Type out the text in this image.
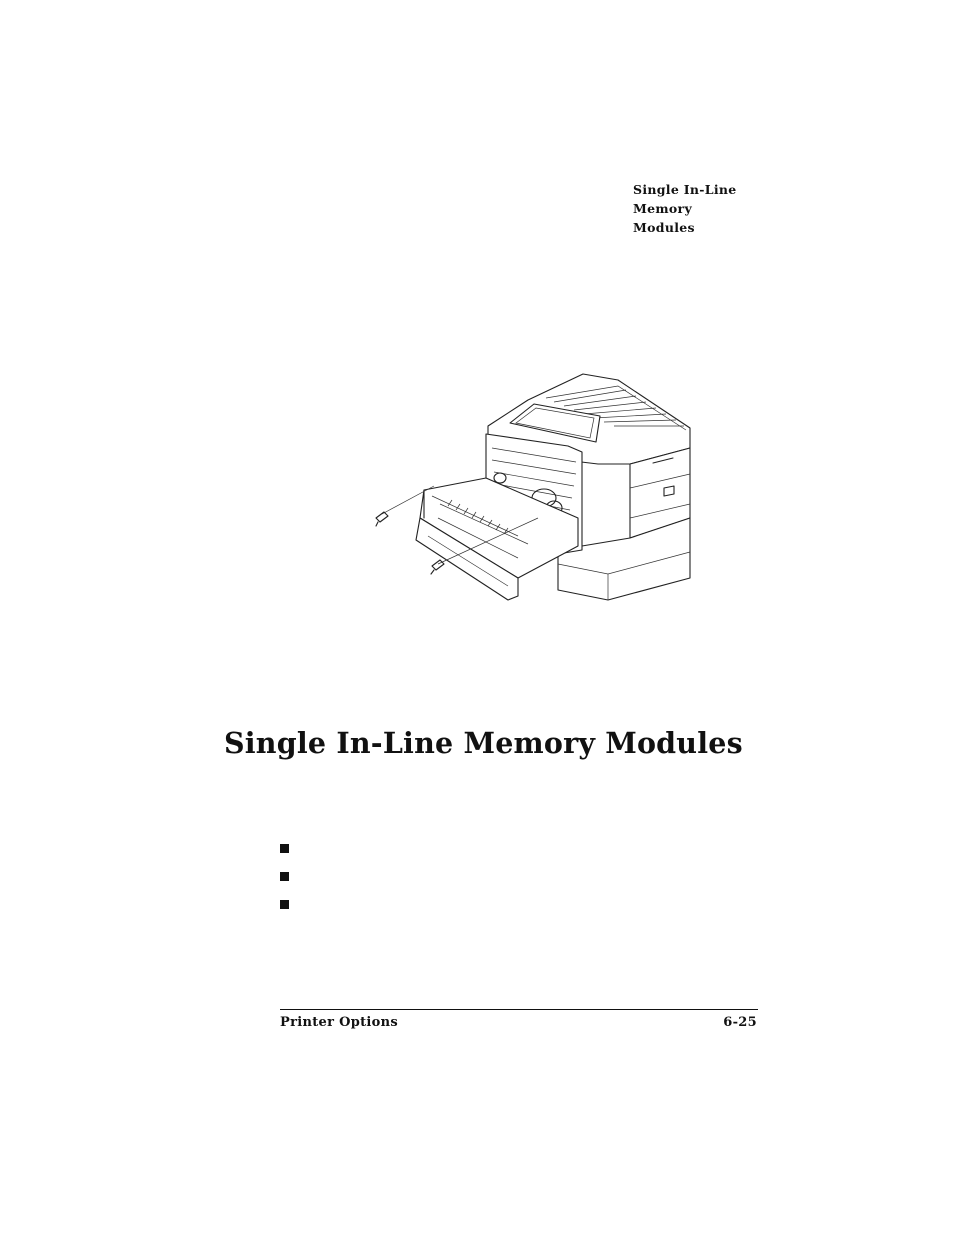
Single In-Line
Memory
Modules
Single In-Line Memory Modules
Printer Options	6-25
